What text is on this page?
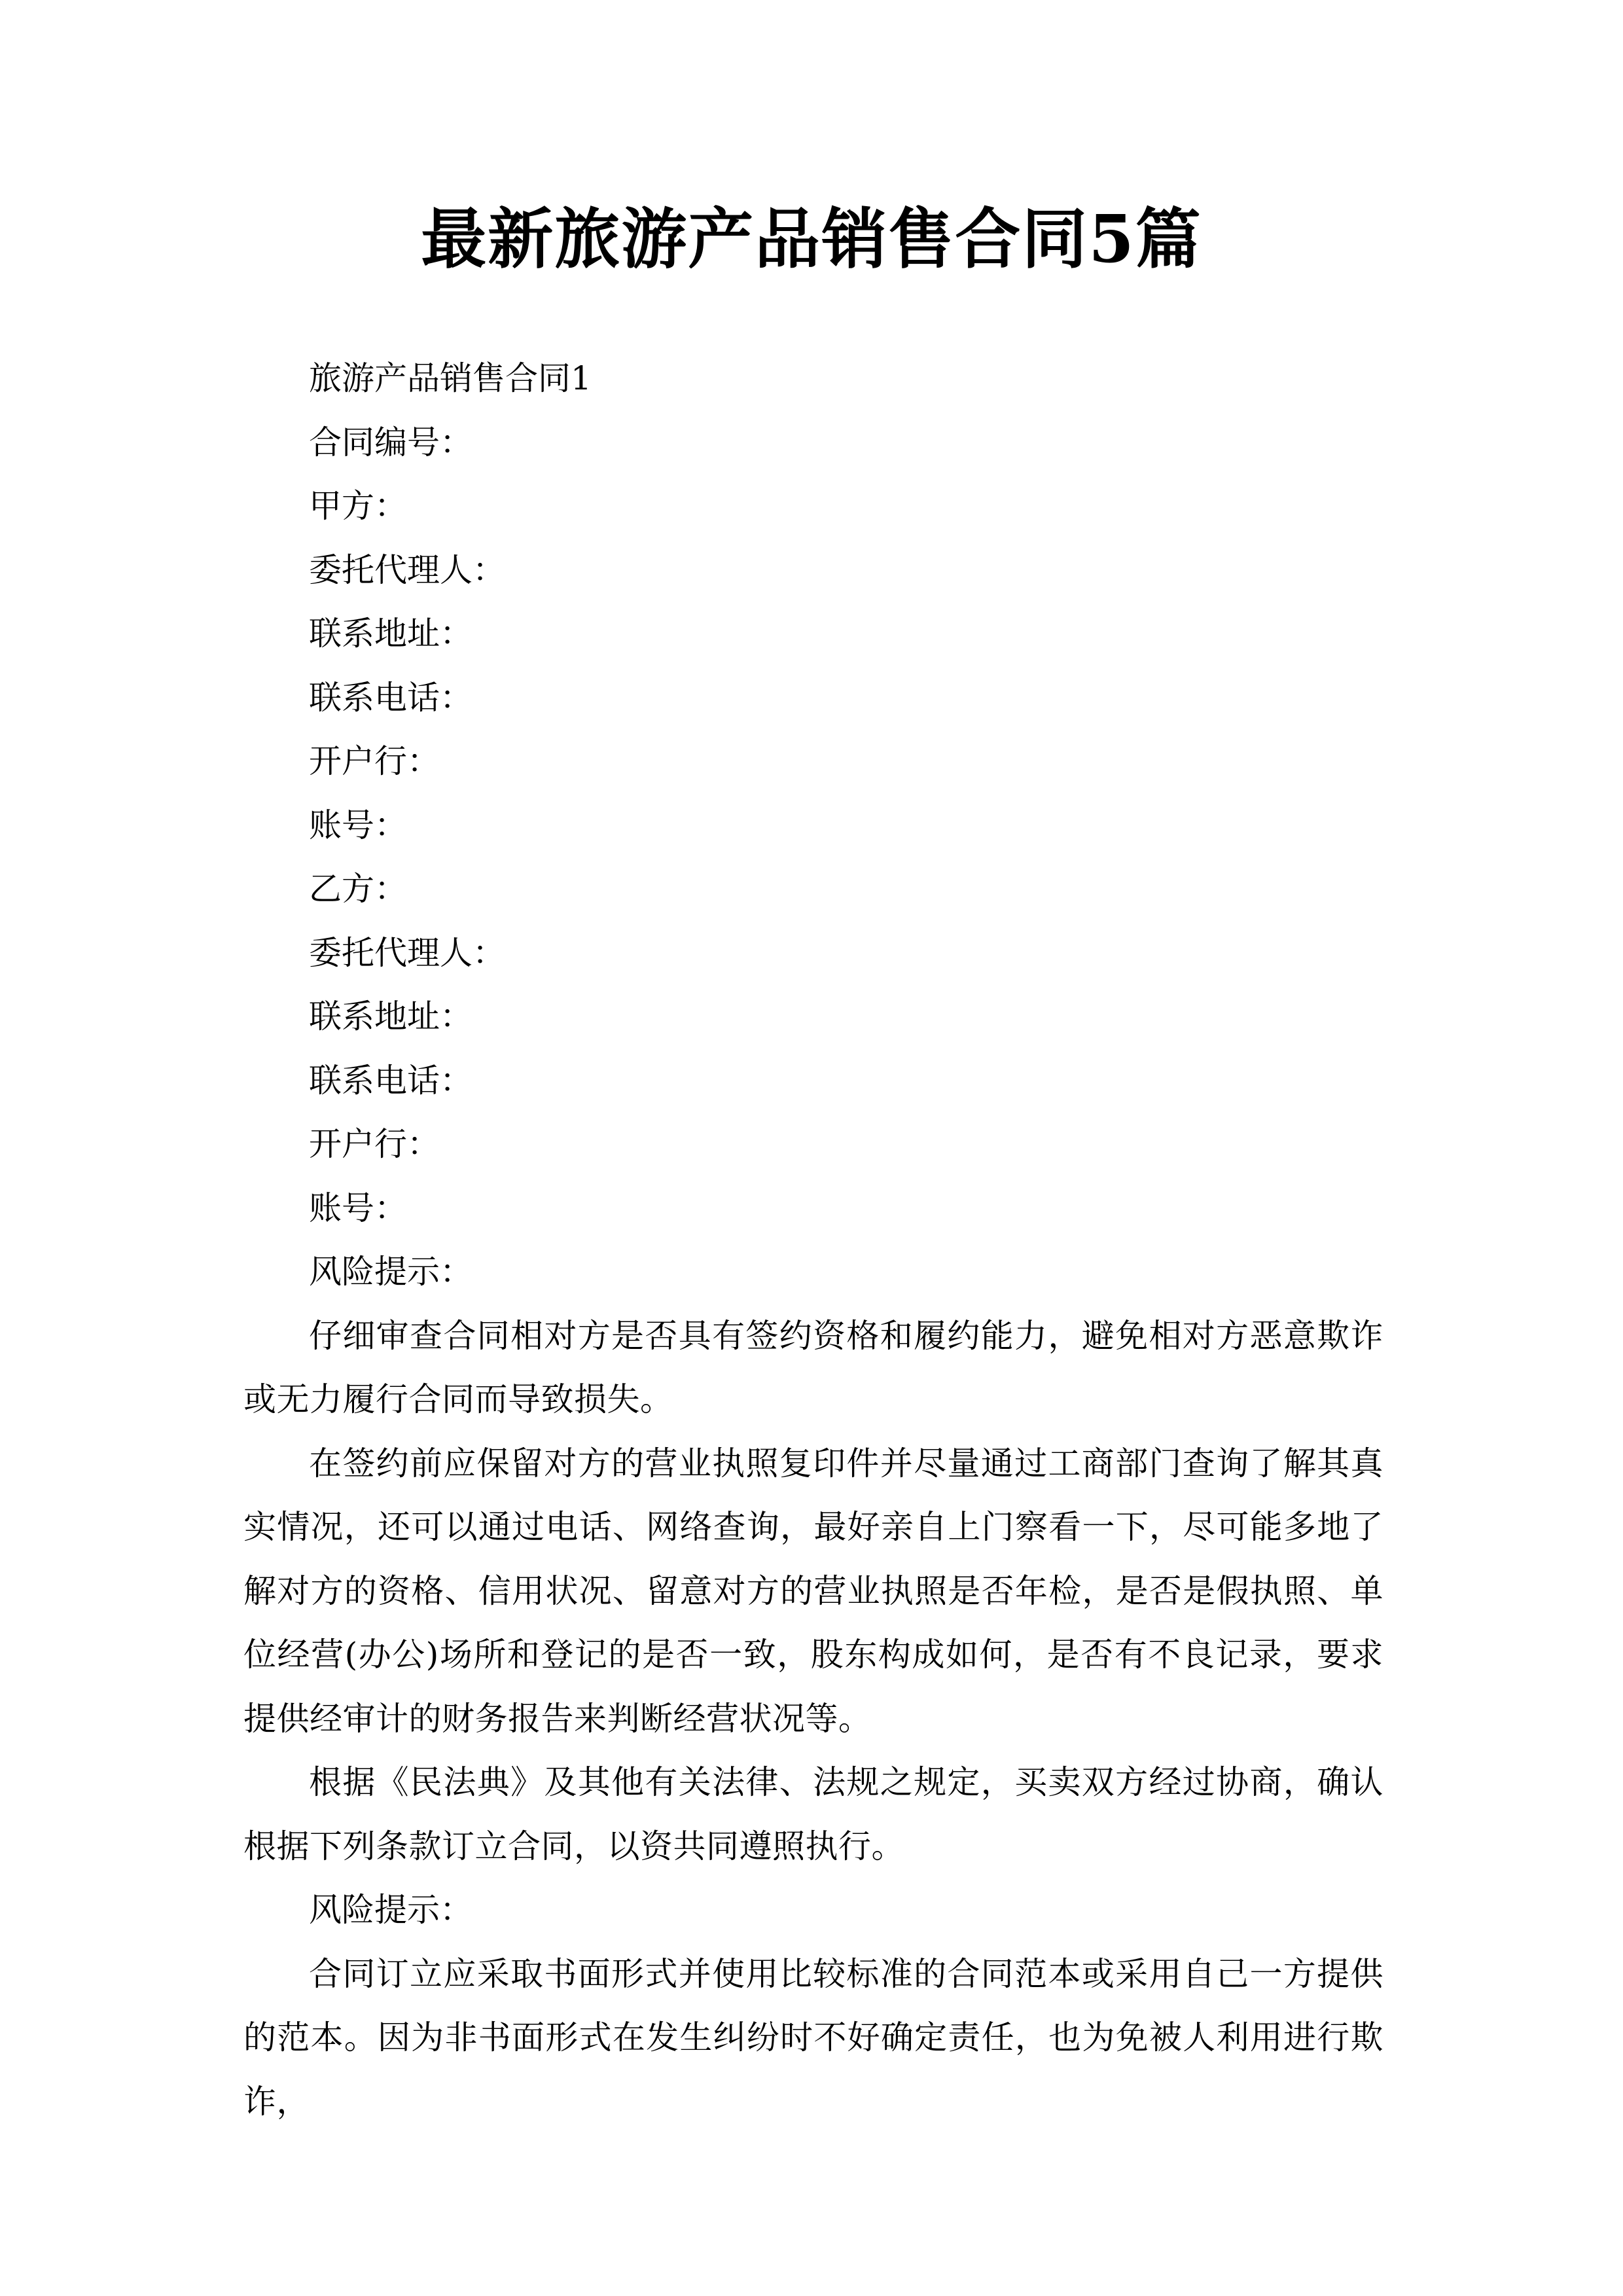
最新旅游产品销售合同5篇

旅游产品销售合同1

合同编号：

甲方：

委托代理人：

联系地址：

联系电话：

开户行：

账号：

乙方：

委托代理人：

联系地址：

联系电话：

开户行：

账号：

风险提示：

仔细审查合同相对方是否具有签约资格和履约能力，避免相对方恶意欺诈或无力履行合同而导致损失。

在签约前应保留对方的营业执照复印件并尽量通过工商部门查询了解其真实情况，还可以通过电话、网络查询，最好亲自上门察看一下，尽可能多地了解对方的资格、信用状况、留意对方的营业执照是否年检，是否是假执照、单位经营(办公)场所和登记的是否一致，股东构成如何，是否有不良记录，要求提供经审计的财务报告来判断经营状况等。

根据《民法典》及其他有关法律、法规之规定，买卖双方经过协商，确认根据下列条款订立合同，以资共同遵照执行。

风险提示：

合同订立应采取书面形式并使用比较标准的合同范本或采用自己一方提供的范本。因为非书面形式在发生纠纷时不好确定责任，也为免被人利用进行欺诈，
